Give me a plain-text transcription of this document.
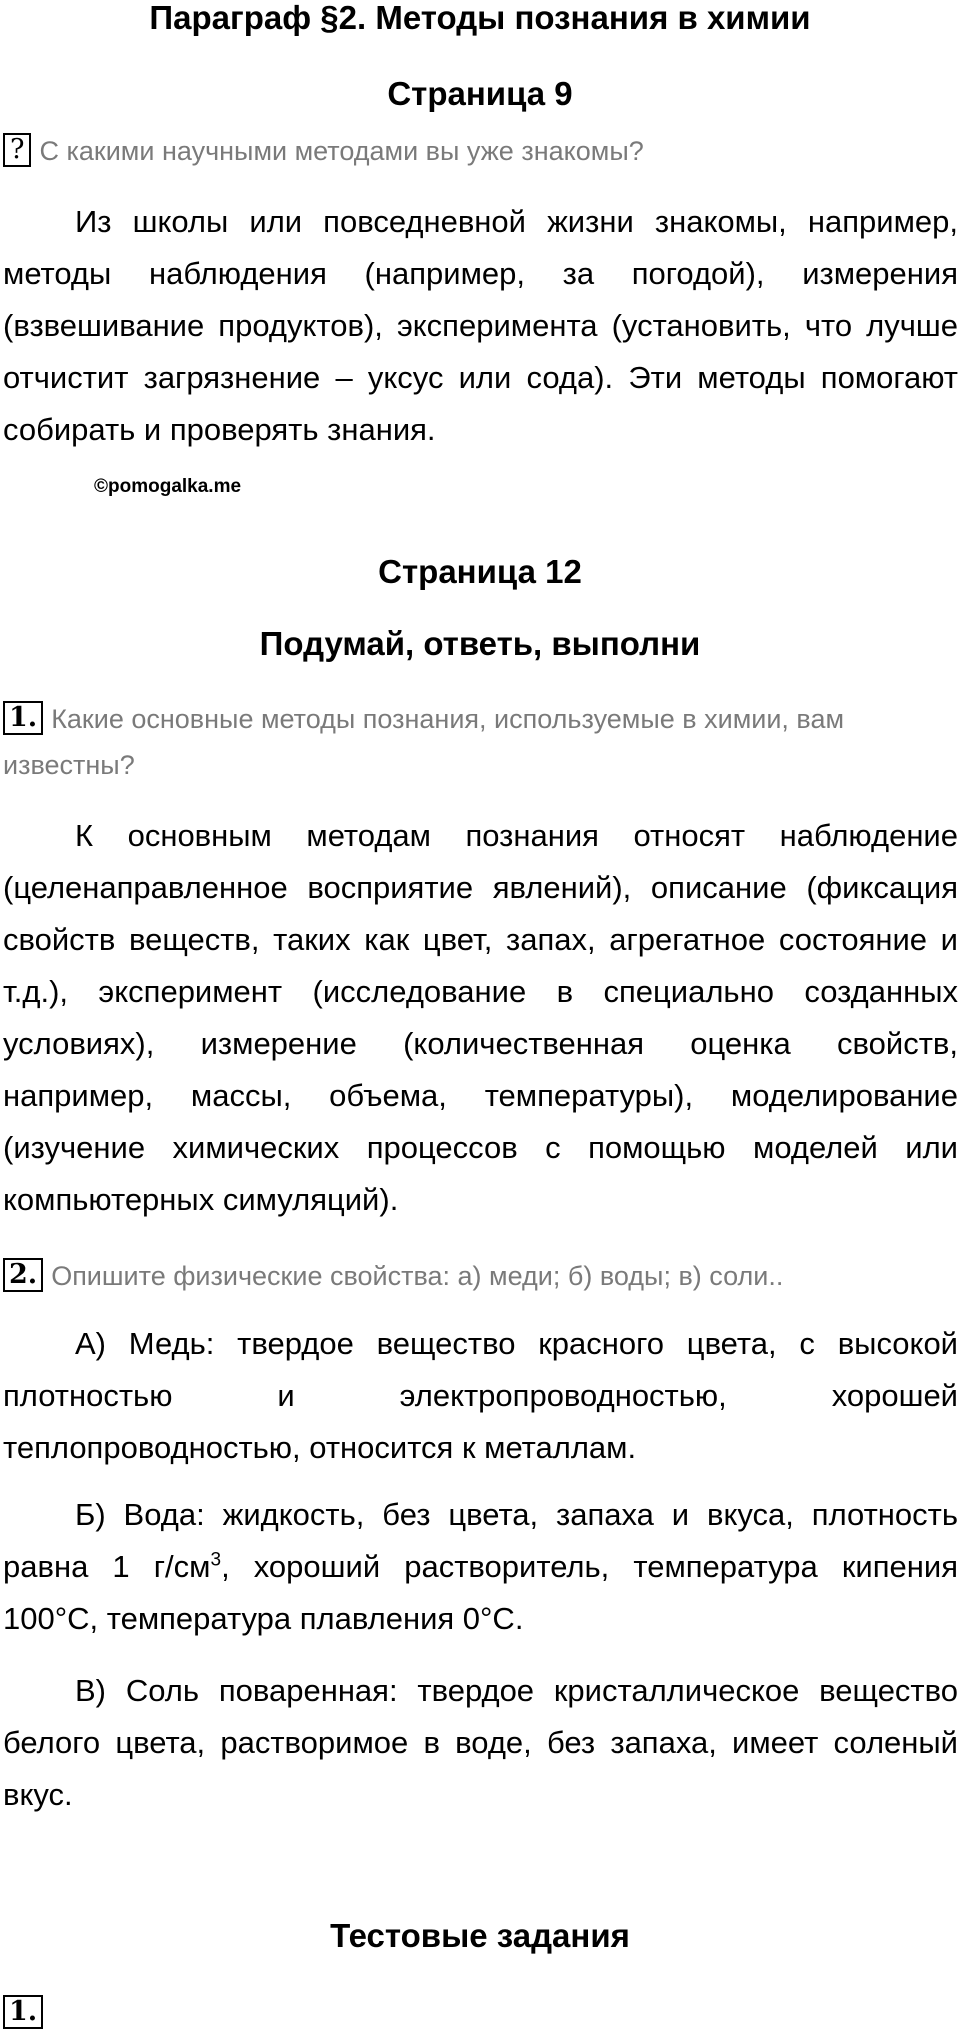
Параграф §2. Методы познания в химии
Страница 9
? С какими научными методами вы уже знакомы?
Из школы или повседневной жизни знакомы, например, методы наблюдения (например, за погодой), измерения (взвешивание продуктов), эксперимента (установить, что лучше отчистит загрязнение – уксус или сода). Эти методы помогают собирать и проверять знания.
©pomogalka.me
Страница 12
Подумай, ответь, выполни
1. Какие основные методы познания, используемые в химии, вам известны?
К основным методам познания относят наблюдение (целенаправленное восприятие явлений), описание (фиксация свойств веществ, таких как цвет, запах, агрегатное состояние и т.д.), эксперимент (исследование в специально созданных условиях), измерение (количественная оценка свойств, например, массы, объема, температуры), моделирование (изучение химических процессов с помощью моделей или компьютерных симуляций).
2. Опишите физические свойства: а) меди; б) воды; в) соли..
А) Медь: твердое вещество красного цвета, с высокой плотностью и электропроводностью, хорошей теплопроводностью, относится к металлам.
Б) Вода: жидкость, без цвета, запаха и вкуса, плотность равна 1 $г/см^3$, хороший растворитель, температура кипения 100°C, температура плавления 0°C.
В) Соль поваренная: твердое кристаллическое вещество белого цвета, растворимое в воде, без запаха, имеет соленый вкус.
Тестовые задания
1.
